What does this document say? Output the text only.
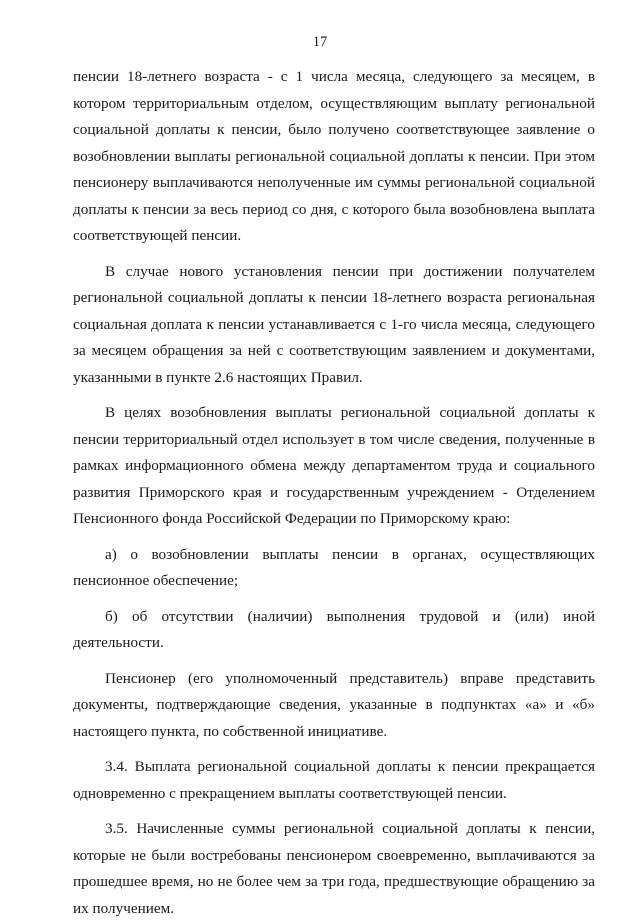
17

пенсии 18-летнего возраста - с 1 числа месяца, следующего за месяцем, в котором территориальным отделом, осуществляющим выплату региональной социальной доплаты к пенсии, было получено соответствующее заявление о возобновлении выплаты региональной социальной доплаты к пенсии. При этом пенсионеру выплачиваются неполученные им суммы региональной социальной доплаты к пенсии за весь период со дня, с которого была возобновлена выплата соответствующей пенсии.

В случае нового установления пенсии при достижении получателем региональной социальной доплаты к пенсии 18-летнего возраста региональная социальная доплата к пенсии устанавливается с 1-го числа месяца, следующего за месяцем обращения за ней с соответствующим заявлением и документами, указанными в пункте 2.6 настоящих Правил.

В целях возобновления выплаты региональной социальной доплаты к пенсии территориальный отдел использует в том числе сведения, полученные в рамках информационного обмена между департаментом труда и социального развития Приморского края и государственным учреждением - Отделением Пенсионного фонда Российской Федерации по Приморскому краю:

а) о возобновлении выплаты пенсии в органах, осуществляющих пенсионное обеспечение;

б) об отсутствии (наличии) выполнения трудовой и (или) иной деятельности.

Пенсионер (его уполномоченный представитель) вправе представить документы, подтверждающие сведения, указанные в подпунктах «а» и «б» настоящего пункта, по собственной инициативе.

3.4. Выплата региональной социальной доплаты к пенсии прекращается одновременно с прекращением выплаты соответствующей пенсии.

3.5. Начисленные суммы региональной социальной доплаты к пенсии, которые не были востребованы пенсионером своевременно, выплачиваются за прошедшее время, но не более чем за три года, предшествующие обращению за их получением.
